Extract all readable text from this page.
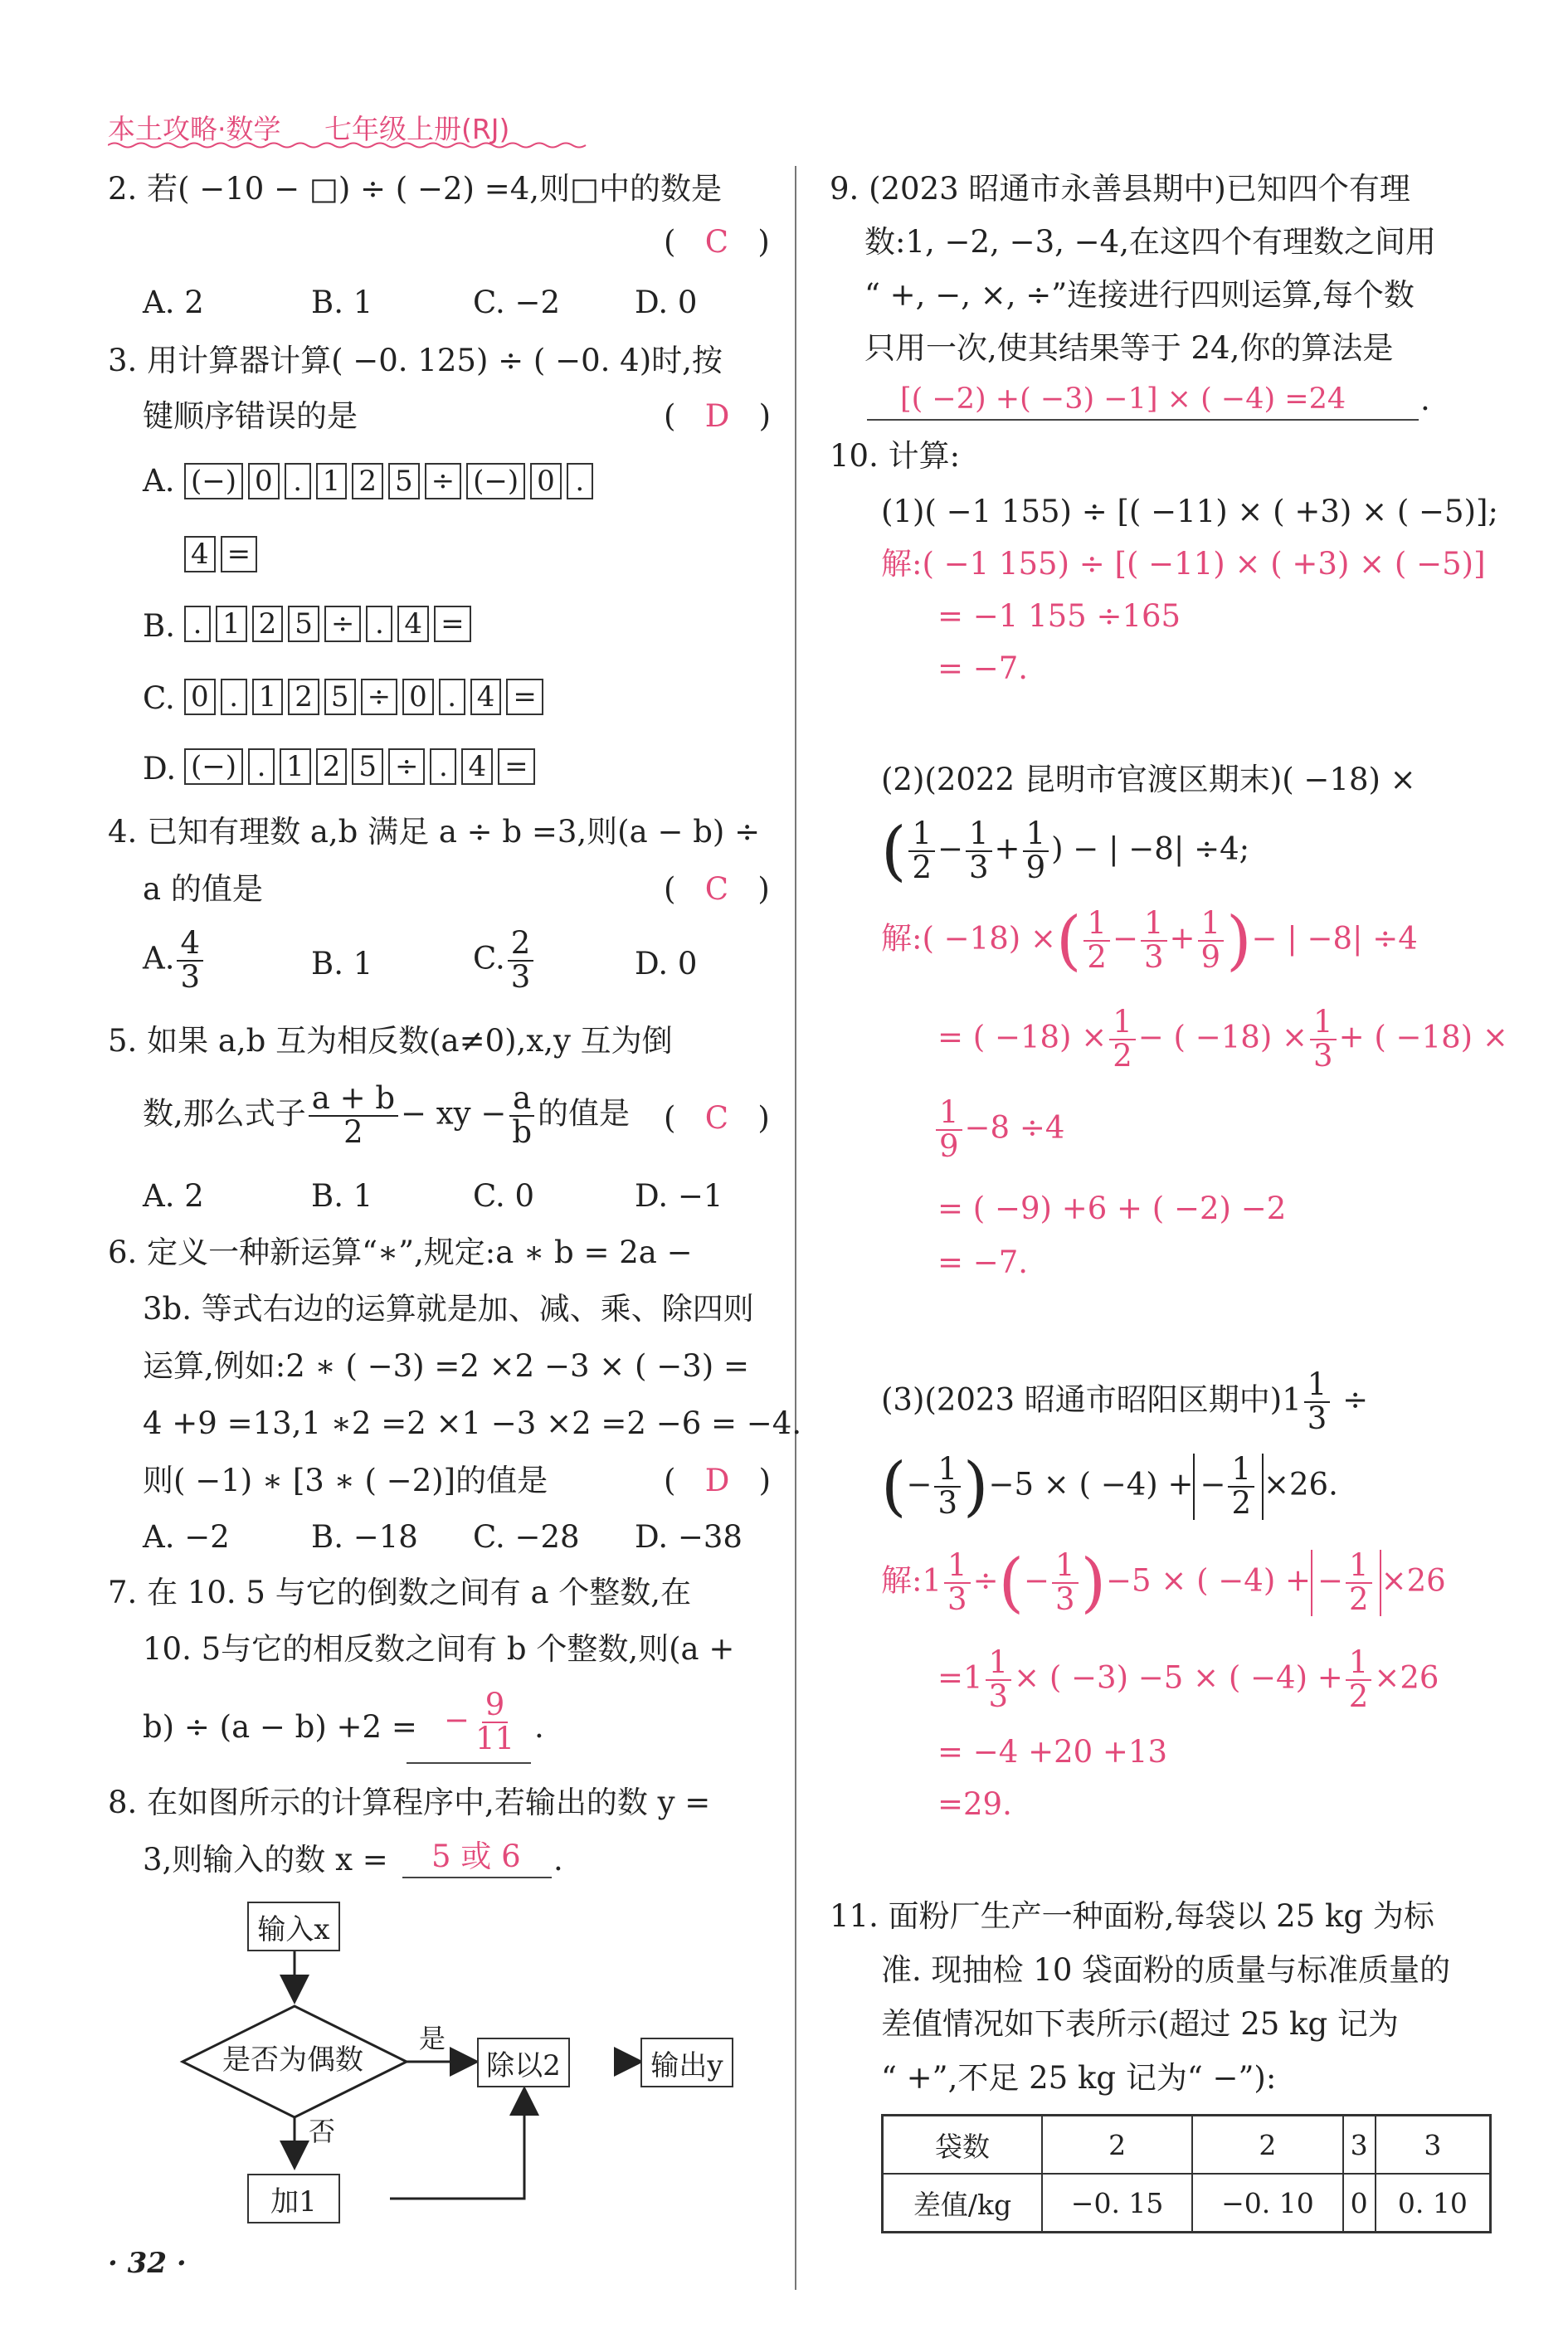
本土攻略·数学 七年级上册(RJ)
2. 若( −10 − □) ÷ ( −2) =4,则□中的数是
(   C   )
A. 2	B. 1	C. −2 D. 0
3. 用计算器计算( −0. 125) ÷ ( −0. 4)时,按
键顺序错误的是	(   D   )
A. (−) 0 . 1 2 5 ÷ (−) 0 .
4 =
B. . 1 2 5 ÷ . 4 =
C. 0 . 1 2 5 ÷ 0 . 4 =
D. (−) . 1 2 5 ÷ . 4 =
4. 已知有理数 a,b 满足 a ÷ b =3,则(a − b) ÷
a 的值是	(   C   )
A. $\frac{4}{3}$	B. 1	C. $\frac{2}{3}$	D. 0
5. 如果 a,b 互为相反数(a≠0),x,y 互为倒
数,那么式子 $\frac{a + b}{2}$ − xy − $\frac{a}{b}$ 的值是 (   C   )
A. 2	B. 1	C. 0	D. −1
6. 定义一种新运算“∗”,规定:a ∗ b = 2a −
3b. 等式右边的运算就是加、减、乘、除四则
运算,例如:2 ∗ ( −3) =2 ×2 −3 × ( −3) =
4 +9 =13,1 ∗2 =2 ×1 −3 ×2 =2 −6 = −4.
则( −1) ∗ [3 ∗ ( −2)]的值是	(   D   )
A. −2	B. −18 C. −28 D. −38
7. 在 10. 5 与它的倒数之间有 a 个整数,在
10. 5与它的相反数之间有 b 个整数,则(a +
b) ÷ (a − b) +2 = − $\frac{9}{11}$ .
8. 在如图所示的计算程序中,若输出的数 y =
3,则输入的数 x = 5 或 6 .
输入x
是否为偶数
是
否
除以2	输出y
加1
· 32 ·
9. (2023 昭通市永善县期中)已知四个有理
数:1, −2, −3, −4,在这四个有理数之间用
“ +, −, ×, ÷”连接进行四则运算,每个数
只用一次,使其结果等于 24,你的算法是
[( −2) +( −3) −1] × ( −4) =24 .
10. 计算:
(1)( −1 155) ÷ [( −11) × ( +3) × ( −5)];
解:( −1 155) ÷ [( −11) × ( +3) × ( −5)]
= −1 155 ÷165
= −7.
(2)(2022 昆明市官渡区期末)( −18) ×
( $\frac{1}{2} - \frac{1}{3} + \frac{1}{9}$ ) − | −8| ÷4;
解:( −18) ×( $\frac{1}{2} - \frac{1}{3} + \frac{1}{9}$ )− | −8| ÷4
= ( $-18) \times \frac{1}{2}$ − ( $-18) \times \frac{1}{3}$ + ( −18) ×
$\frac{1}{9} -8 \div 4$
= ( −9) +6 + ( −2) −2
= −7.
(3)(2023 昭通市昭阳区期中)$1 \frac{1}{3}$ ÷
(− $\frac{1}{3} )-5$ × ( −4) + − $\frac{1}{2} \times 26$.
解:1 $\frac{1}{3}$ ÷(− $\frac{1}{3} )-5$ × ( −4) + − $\frac{1}{2} \times 26$
$=1 \frac{1}{3}$ × ( −3) −5 × ( $-4) + \frac{1}{2} \times 26$
= −4 +20 +13
=29.
11. 面粉厂生产一种面粉,每袋以 25 kg 为标
准. 现抽检 10 袋面粉的质量与标准质量的
差值情况如下表所示(超过 25 kg 记为
“ +”,不足 25 kg 记为“ −”):
袋数	2	2	3	3
差值/kg	−0. 15	−0. 10	0	0. 10
